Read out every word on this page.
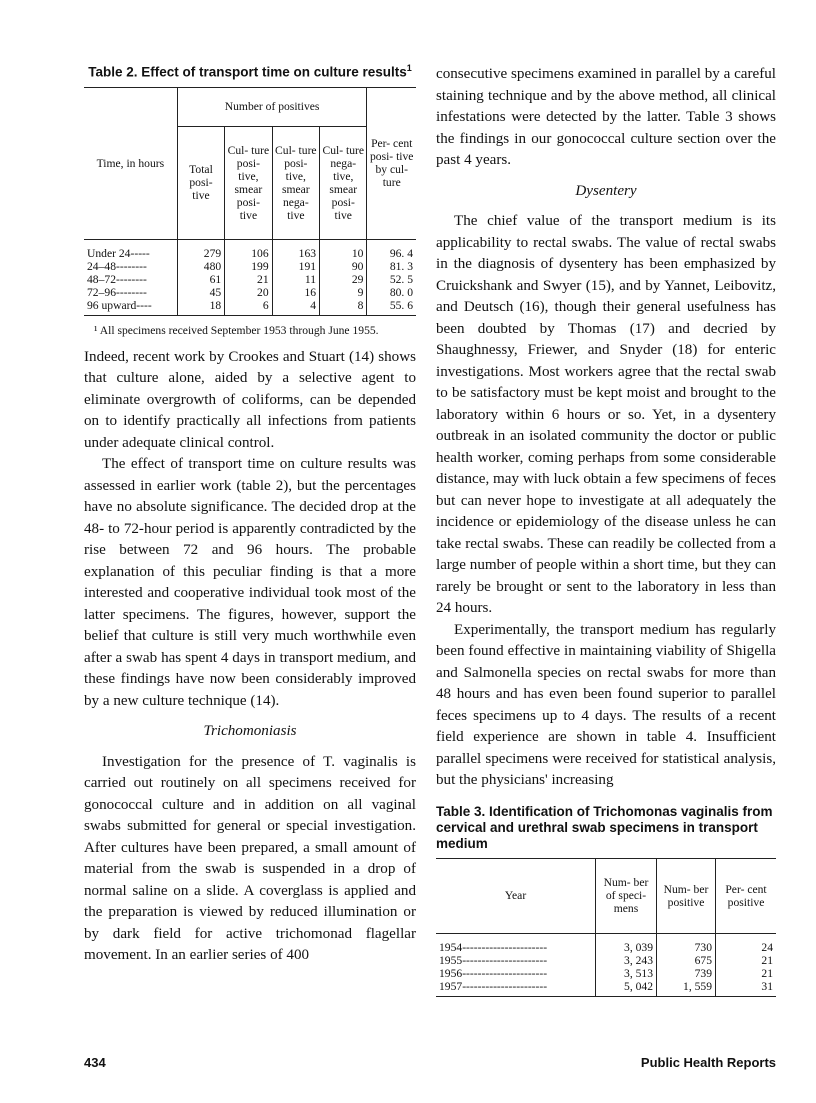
Table 2. Effect of transport time on culture results$^1$
Time, in hours	Number of positives				Per- cent posi- tive by cul- ture
	Total posi- tive	Cul- ture posi- tive, smear posi- tive	Cul- ture posi- tive, smear nega- tive	Cul- ture nega- tive, smear posi- tive	
Under 24-----	279	106	163	10	96. 4
24–48--------	480	199	191	90	81. 3
48–72--------	61	21	11	29	52. 5
72–96--------	45	20	16	9	80. 0
96 upward----	18	6	4	8	55. 6
¹ All specimens received September 1953 through June 1955.

Indeed, recent work by Crookes and Stuart (14) shows that culture alone, aided by a selective agent to eliminate overgrowth of coliforms, can be depended on to identify practically all infections from patients under adequate clinical control.

The effect of transport time on culture results was assessed in earlier work (table 2), but the percentages have no absolute significance. The decided drop at the 48- to 72-hour period is apparently contradicted by the rise between 72 and 96 hours. The probable explanation of this peculiar finding is that a more interested and cooperative individual took most of the latter specimens. The figures, however, support the belief that culture is still very much worthwhile even after a swab has spent 4 days in transport medium, and these findings have now been considerably improved by a new culture technique (14).

Trichomoniasis

Investigation for the presence of T. vaginalis is carried out routinely on all specimens received for gonococcal culture and in addition on all vaginal swabs submitted for general or special investigation. After cultures have been prepared, a small amount of material from the swab is suspended in a drop of normal saline on a slide. A coverglass is applied and the preparation is viewed by reduced illumination or by dark field for active trichomonad flagellar movement. In an earlier series of 400

consecutive specimens examined in parallel by a careful staining technique and by the above method, all clinical infestations were detected by the latter. Table 3 shows the findings in our gonococcal culture section over the past 4 years.

Dysentery

The chief value of the transport medium is its applicability to rectal swabs. The value of rectal swabs in the diagnosis of dysentery has been emphasized by Cruickshank and Swyer (15), and by Yannet, Leibovitz, and Deutsch (16), though their general usefulness has been doubted by Thomas (17) and decried by Shaughnessy, Friewer, and Snyder (18) for enteric investigations. Most workers agree that the rectal swab to be satisfactory must be kept moist and brought to the laboratory within 6 hours or so. Yet, in a dysentery outbreak in an isolated community the doctor or public health worker, coming perhaps from some considerable distance, may with luck obtain a few specimens of feces but can never hope to investigate at all adequately the incidence or epidemiology of the disease unless he can take rectal swabs. These can readily be collected from a large number of people within a short time, but they can rarely be brought or sent to the laboratory in less than 24 hours.

Experimentally, the transport medium has regularly been found effective in maintaining viability of Shigella and Salmonella species on rectal swabs for more than 48 hours and has even been found superior to parallel feces specimens up to 4 days. The results of a recent field experience are shown in table 4. Insufficient parallel specimens were received for statistical analysis, but the physicians' increasing

Table 3. Identification of Trichomonas vaginalis from cervical and urethral swab specimens in transport medium
Year	Num- ber of speci- mens	Num- ber positive	Per- cent positive
1954----------------------	3, 039	730	24
1955----------------------	3, 243	675	21
1956----------------------	3, 513	739	21
1957----------------------	5, 042	1, 559	31
434	Public Health Reports
